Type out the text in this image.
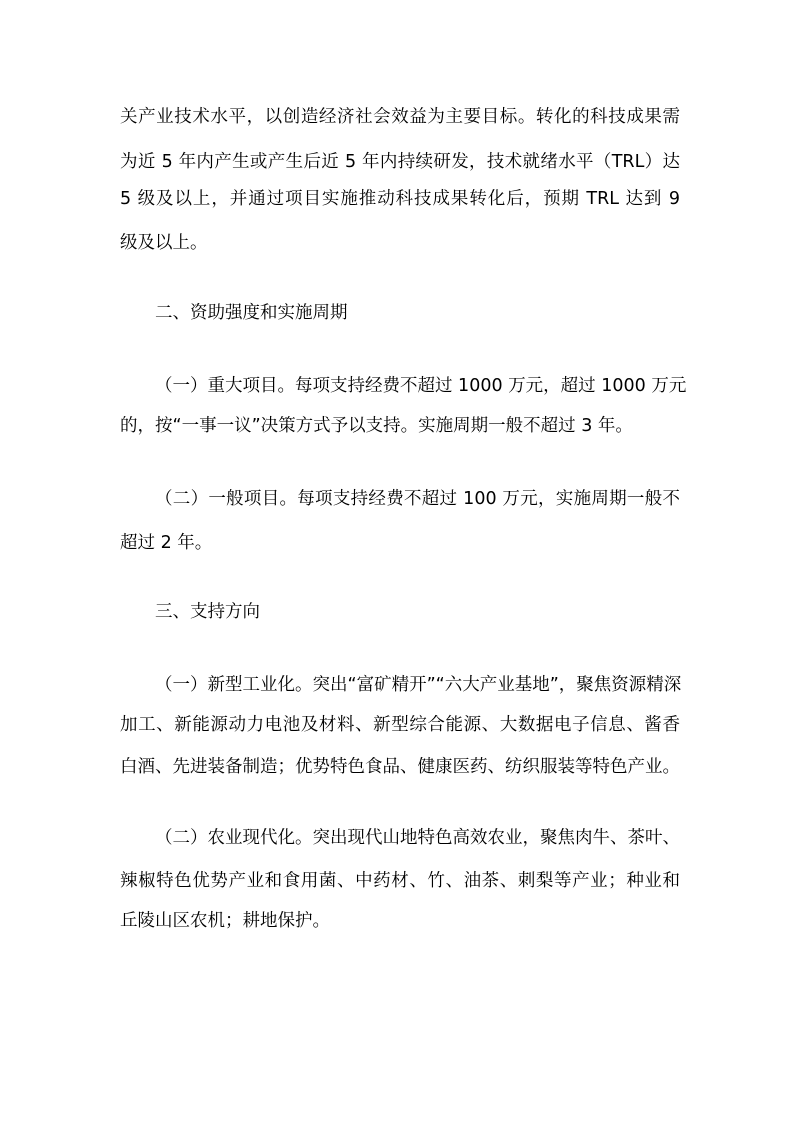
关产业技术水平，以创造经济社会效益为主要目标。转化的科技成果需
为近 5 年内产生或产生后近 5 年内持续研发，技术就绪水平（TRL）达
5 级及以上，并通过项目实施推动科技成果转化后，预期 TRL 达到 9
级及以上。
二、资助强度和实施周期
（一）重大项目。每项支持经费不超过 1000 万元，超过 1000 万元
的，按“一事一议”决策方式予以支持。实施周期一般不超过 3 年。
（二）一般项目。每项支持经费不超过 100 万元，实施周期一般不
超过 2 年。
三、支持方向
（一）新型工业化。突出“富矿精开”“六大产业基地”，聚焦资源精深
加工、新能源动力电池及材料、新型综合能源、大数据电子信息、酱香
白酒、先进装备制造；优势特色食品、健康医药、纺织服装等特色产业。
（二）农业现代化。突出现代山地特色高效农业，聚焦肉牛、茶叶、
辣椒特色优势产业和食用菌、中药材、竹、油茶、刺梨等产业；种业和
丘陵山区农机；耕地保护。
